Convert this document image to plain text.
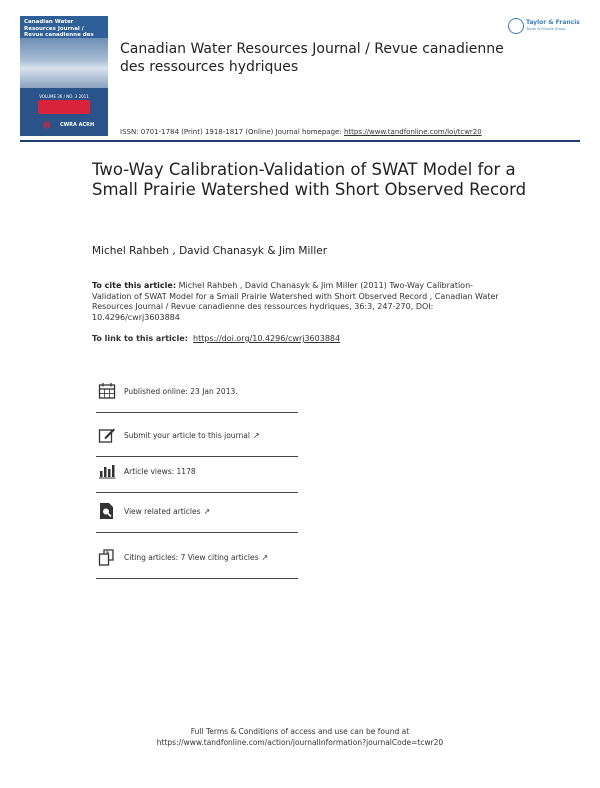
Canadian Water Resources Journal / Revue canadienne des
VOLUME 36 / NO. 3 2011
❋ CWRA ACRH
Canadian Water Resources Journal / Revue canadienne des ressources hydriques
Taylor & Francis
Taylor & Francis Group
ISSN: 0701-1784 (Print) 1918-1817 (Online) Journal homepage: https://www.tandfonline.com/loi/tcwr20
Two-Way Calibration-Validation of SWAT Model for a Small Prairie Watershed with Short Observed Record
Michel Rahbeh , David Chanasyk & Jim Miller
To cite this article: Michel Rahbeh , David Chanasyk & Jim Miller (2011) Two-Way Calibration-Validation of SWAT Model for a Small Prairie Watershed with Short Observed Record , Canadian Water Resources Journal / Revue canadienne des ressources hydriques, 36:3, 247-270, DOI: 10.4296/cwrj3603884
To link to this article: https://doi.org/10.4296/cwrj3603884
Published online: 23 Jan 2013.
Submit your article to this journal ↗
Article views: 1178
View related articles ↗
Citing articles: 7 View citing articles ↗
Full Terms & Conditions of access and use can be found at
https://www.tandfonline.com/action/journalInformation?journalCode=tcwr20
